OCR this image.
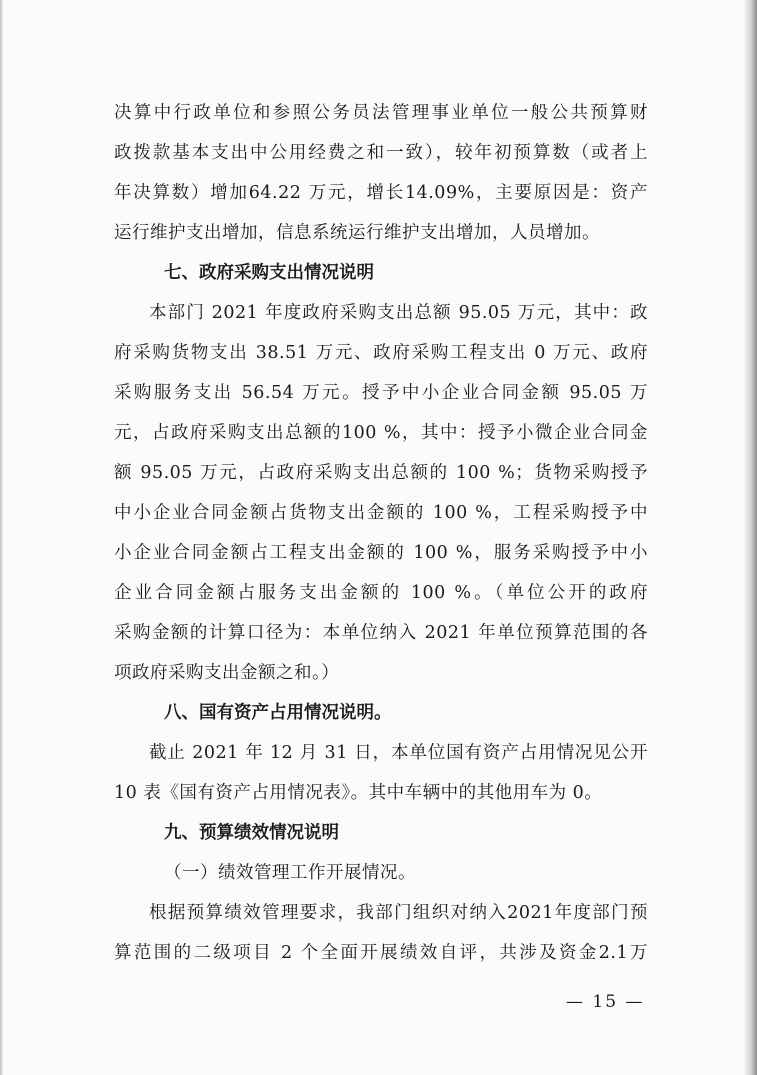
决算中行政单位和参照公务员法管理事业单位一般公共预算财
政拨款基本支出中公用经费之和一致），较年初预算数（或者上
年决算数）增加64.22 万元，增长14.09%，主要原因是：资产
运行维护支出增加，信息系统运行维护支出增加，人员增加。
七、政府采购支出情况说明
本部门 2021 年度政府采购支出总额 95.05 万元，其中：政
府采购货物支出 38.51 万元、政府采购工程支出 0 万元、政府
采购服务支出 56.54 万元。授予中小企业合同金额 95.05 万
元，占政府采购支出总额的100 %，其中：授予小微企业合同金
额 95.05 万元，占政府采购支出总额的 100 %；货物采购授予
中小企业合同金额占货物支出金额的 100 %，工程采购授予中
小企业合同金额占工程支出金额的 100 %，服务采购授予中小
企业合同金额占服务支出金额的 100 %。（单位公开的政府
采购金额的计算口径为：本单位纳入 2021 年单位预算范围的各
项政府采购支出金额之和。）
八、国有资产占用情况说明。
截止 2021 年 12 月 31 日，本单位国有资产占用情况见公开
10 表《国有资产占用情况表》。其中车辆中的其他用车为 0。
九、预算绩效情况说明
（一）绩效管理工作开展情况。
根据预算绩效管理要求，我部门组织对纳入2021年度部门预
算范围的二级项目 2 个全面开展绩效自评，共涉及资金2.1万
— 15 —
